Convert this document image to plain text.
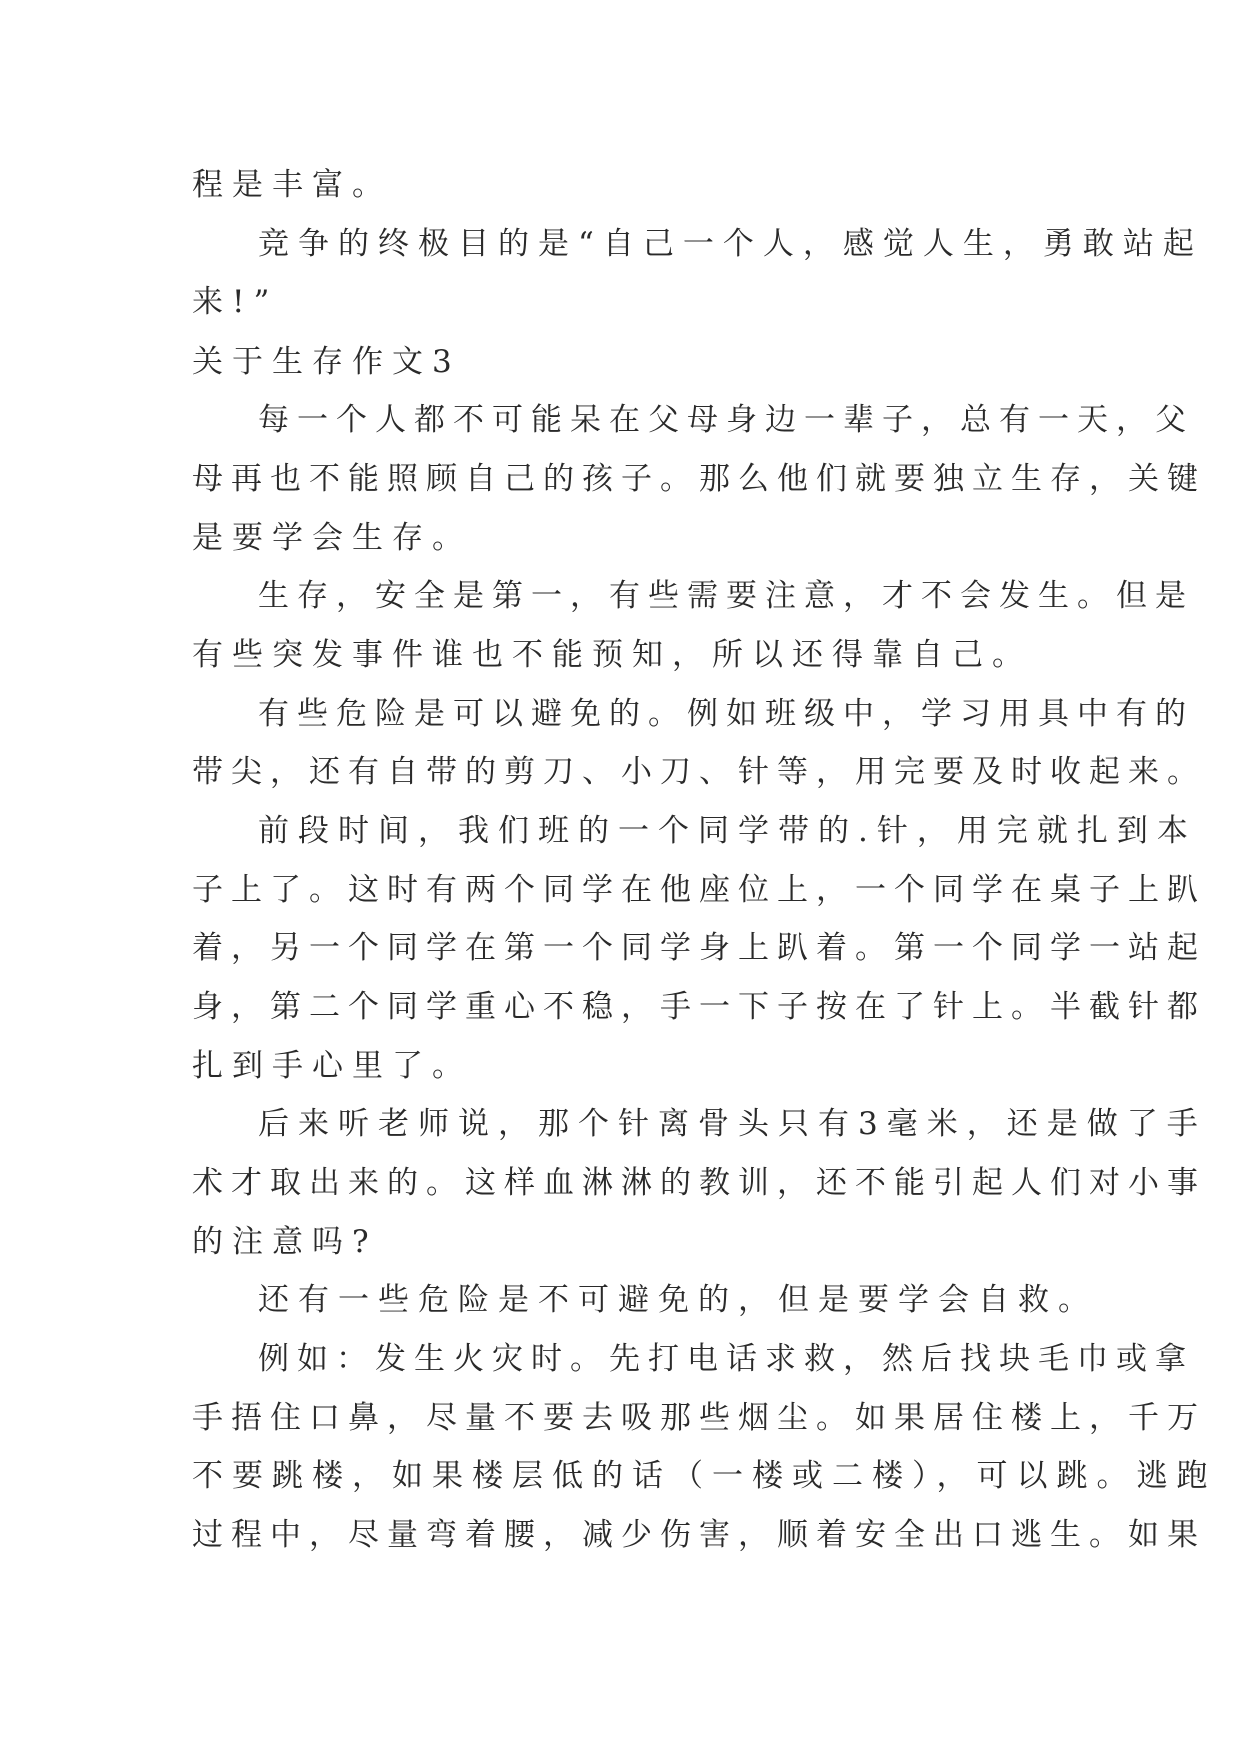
程是丰富。
竞争的终极目的是“自己一个人，感觉人生，勇敢站起
来!”
关于生存作文3
每一个人都不可能呆在父母身边一辈子，总有一天，父
母再也不能照顾自己的孩子。那么他们就要独立生存，关键
是要学会生存。
生存，安全是第一，有些需要注意，才不会发生。但是
有些突发事件谁也不能预知，所以还得靠自己。
有些危险是可以避免的。例如班级中，学习用具中有的
带尖，还有自带的剪刀、小刀、针等，用完要及时收起来。
前段时间，我们班的一个同学带的.针，用完就扎到本
子上了。这时有两个同学在他座位上，一个同学在桌子上趴
着，另一个同学在第一个同学身上趴着。第一个同学一站起
身，第二个同学重心不稳，手一下子按在了针上。半截针都
扎到手心里了。
后来听老师说，那个针离骨头只有3毫米，还是做了手
术才取出来的。这样血淋淋的教训，还不能引起人们对小事
的注意吗?
还有一些危险是不可避免的，但是要学会自救。
例如：发生火灾时。先打电话求救，然后找块毛巾或拿
手捂住口鼻，尽量不要去吸那些烟尘。如果居住楼上，千万
不要跳楼，如果楼层低的话（一楼或二楼），可以跳。逃跑
过程中，尽量弯着腰，减少伤害，顺着安全出口逃生。如果
